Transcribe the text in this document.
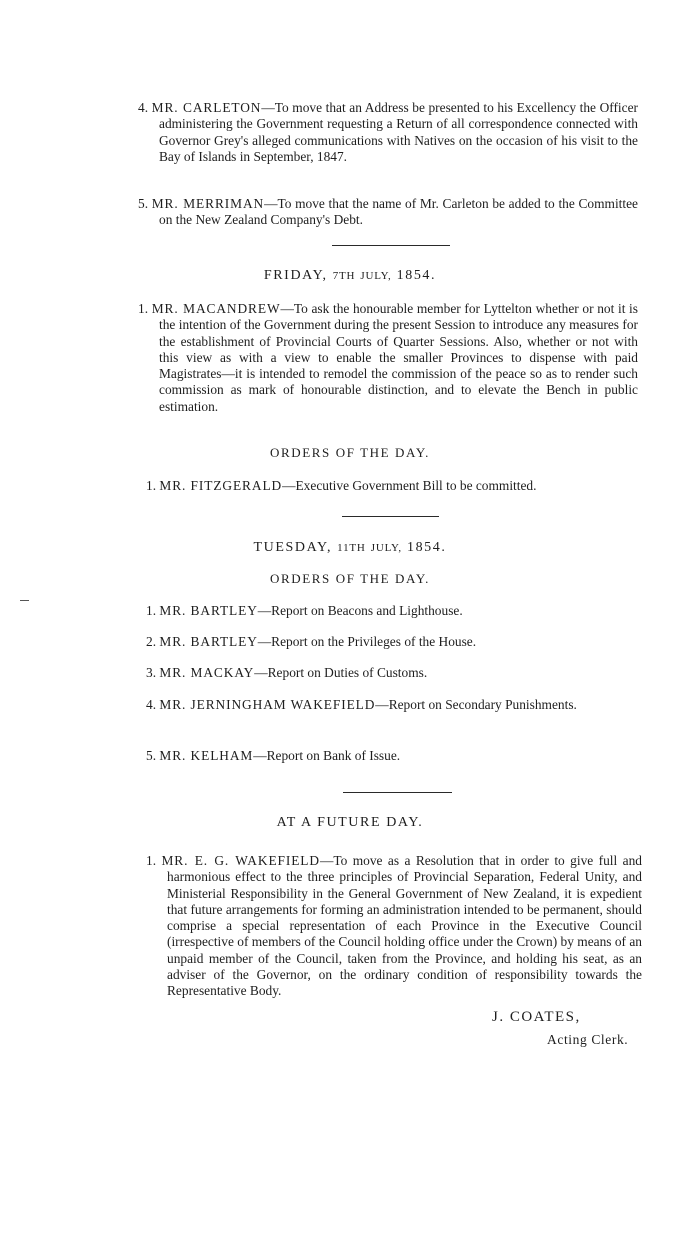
4. MR. CARLETON—To move that an Address be presented to his Excellency the Officer administering the Government requesting a Return of all correspondence connected with Governor Grey's alleged communications with Natives on the occasion of his visit to the Bay of Islands in September, 1847.

5. MR. MERRIMAN—To move that the name of Mr. Carleton be added to the Committee on the New Zealand Company's Debt.

FRIDAY, 7TH JULY, 1854.

1. MR. MACANDREW—To ask the honourable member for Lyttelton whether or not it is the intention of the Government during the present Session to introduce any measures for the establishment of Provincial Courts of Quarter Sessions. Also, whether or not with this view as with a view to enable the smaller Provinces to dispense with paid Magistrates—it is intended to remodel the commission of the peace so as to render such commission as mark of honourable distinction, and to elevate the Bench in public estimation.

ORDERS OF THE DAY.
1. MR. FITZGERALD—Executive Government Bill to be committed.
TUESDAY, 11TH JULY, 1854.
ORDERS OF THE DAY.
1. MR. BARTLEY—Report on Beacons and Lighthouse.
2. MR. BARTLEY—Report on the Privileges of the House.
3. MR. MACKAY—Report on Duties of Customs.

4. MR. JERNINGHAM WAKEFIELD—Report on Secondary Punishments.

5. MR. KELHAM—Report on Bank of Issue.
AT A FUTURE DAY.

1. MR. E. G. WAKEFIELD—To move as a Resolution that in order to give full and harmonious effect to the three principles of Provincial Separation, Federal Unity, and Ministerial Responsibility in the General Government of New Zealand, it is expedient that future arrangements for forming an administration intended to be permanent, should comprise a special representation of each Province in the Executive Council (irrespective of members of the Council holding office under the Crown) by means of an unpaid member of the Council, taken from the Province, and holding his seat, as an adviser of the Governor, on the ordinary condition of responsibility towards the Representative Body.

J. COATES,
Acting Clerk.
